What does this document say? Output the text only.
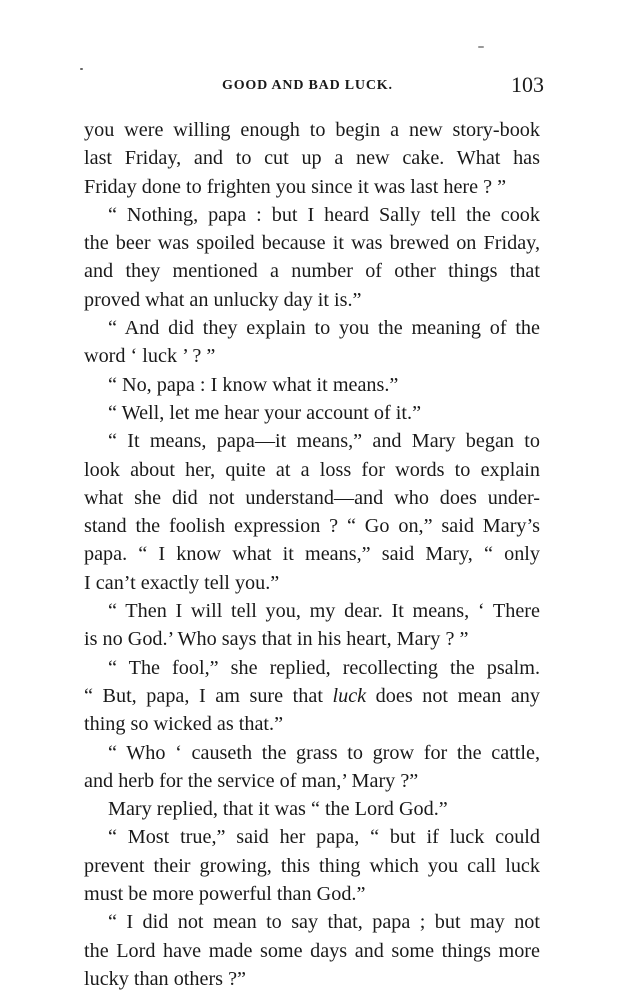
GOOD AND BAD LUCK.	103
you were willing enough to begin a new story-book
last Friday, and to cut up a new cake. What has
Friday done to frighten you since it was last here ? ”
“ Nothing, papa : but I heard Sally tell the cook
the beer was spoiled because it was brewed on Friday,
and they mentioned a number of other things that
proved what an unlucky day it is.”
“ And did they explain to you the meaning of the
word ‘ luck ’ ? ”
“ No, papa : I know what it means.”
“ Well, let me hear your account of it.”
“ It means, papa—it means,” and Mary began to
look about her, quite at a loss for words to explain
what she did not understand—and who does under-
stand the foolish expression ? “ Go on,” said Mary’s
papa. “ I know what it means,” said Mary, “ only
I can’t exactly tell you.”
“ Then I will tell you, my dear. It means, ‘ There
is no God.’ Who says that in his heart, Mary ? ”
“ The fool,” she replied, recollecting the psalm.
“ But, papa, I am sure that luck does not mean any
thing so wicked as that.”
“ Who ‘ causeth the grass to grow for the cattle,
and herb for the service of man,’ Mary ?”
Mary replied, that it was “ the Lord God.”
“ Most true,” said her papa, “ but if luck could
prevent their growing, this thing which you call luck
must be more powerful than God.”
“ I did not mean to say that, papa ; but may not
the Lord have made some days and some things more
lucky than others ?”
